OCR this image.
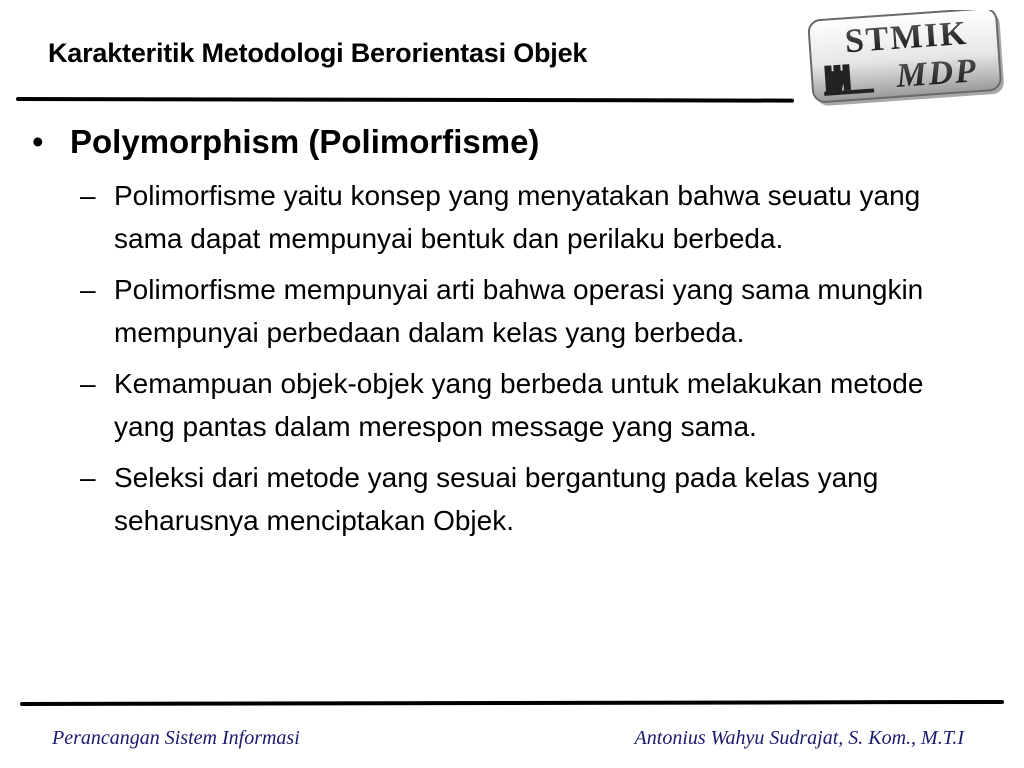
Karakteritik Metodologi Berorientasi Objek	STMIK
MDP
• Polymorphism (Polimorfisme)
– Polimorfisme yaitu konsep yang menyatakan bahwa seuatu yang sama dapat mempunyai bentuk dan perilaku berbeda.
– Polimorfisme mempunyai arti bahwa operasi yang sama mungkin mempunyai perbedaan dalam kelas yang berbeda.
– Kemampuan objek-objek yang berbeda untuk melakukan metode yang pantas dalam merespon message yang sama.
– Seleksi dari metode yang sesuai bergantung pada kelas yang seharusnya menciptakan Objek.
Perancangan Sistem Informasi	Antonius Wahyu Sudrajat, S. Kom., M.T.I
